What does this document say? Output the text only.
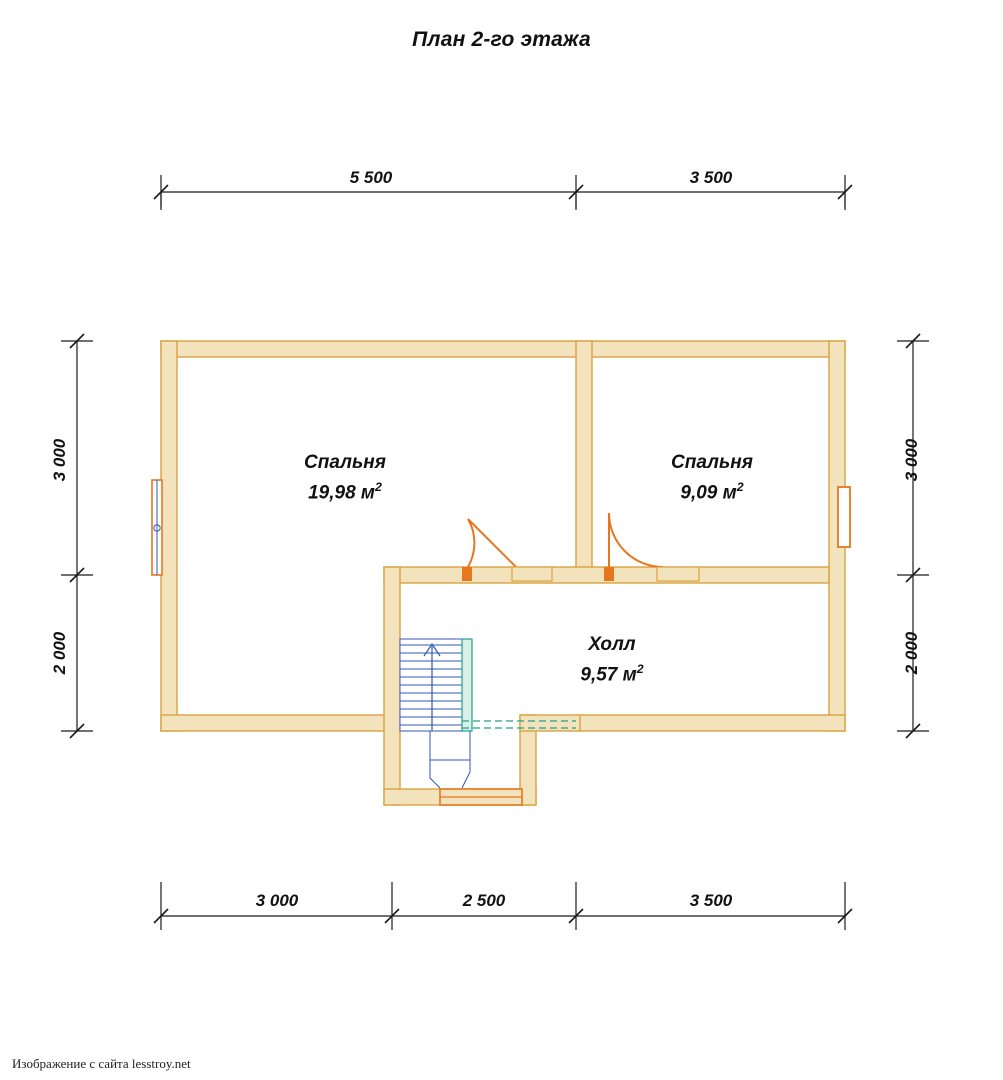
План 2-го этажа
Спальня
19,98 $м^2$
Спальня
9,09 $м^2$
Холл
9,57 $м^2$
5 500	3 500
3 000	2 500	3 500
3 000
2 000
3 000
2 000
Изображение с сайта lesstroy.net
